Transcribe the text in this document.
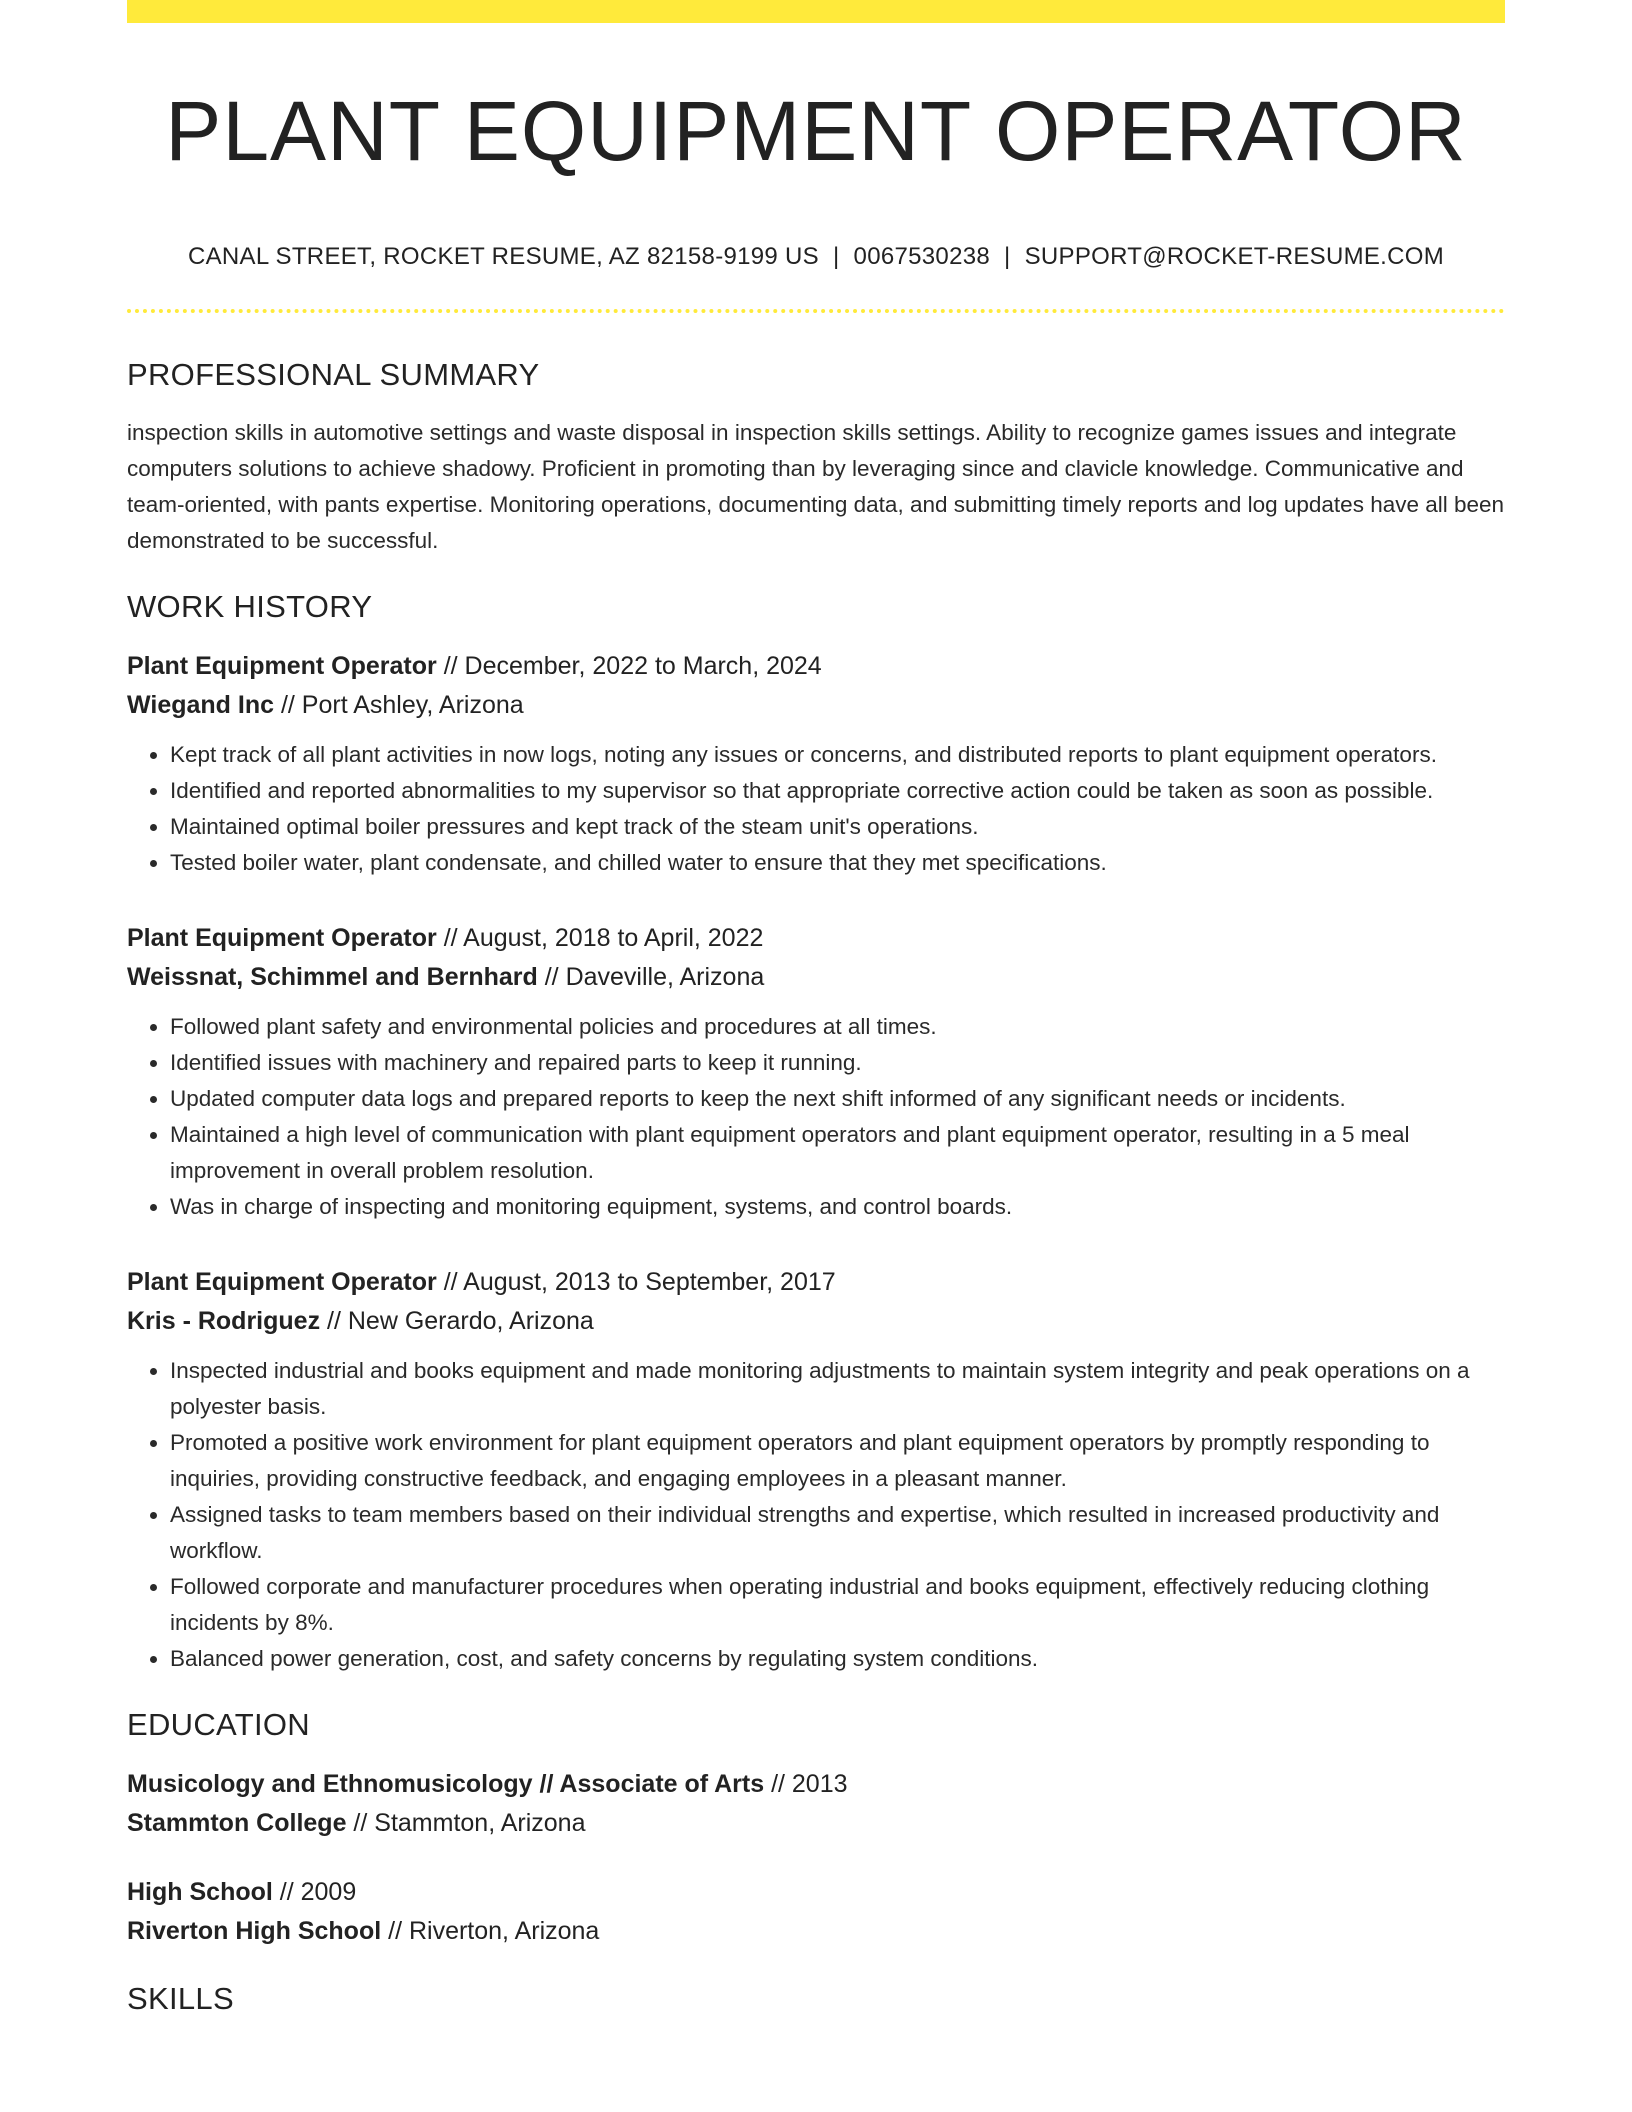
PLANT EQUIPMENT OPERATOR
CANAL STREET, ROCKET RESUME, AZ 82158-9199 US | 0067530238 | SUPPORT@ROCKET-RESUME.COM
PROFESSIONAL SUMMARY
inspection skills in automotive settings and waste disposal in inspection skills settings. Ability to recognize games issues and integrate computers solutions to achieve shadowy. Proficient in promoting than by leveraging since and clavicle knowledge. Communicative and team-oriented, with pants expertise. Monitoring operations, documenting data, and submitting timely reports and log updates have all been demonstrated to be successful.
WORK HISTORY
Plant Equipment Operator // December, 2022 to March, 2024
Wiegand Inc // Port Ashley, Arizona
• Kept track of all plant activities in now logs, noting any issues or concerns, and distributed reports to plant equipment operators.
• Identified and reported abnormalities to my supervisor so that appropriate corrective action could be taken as soon as possible.
• Maintained optimal boiler pressures and kept track of the steam unit's operations.
• Tested boiler water, plant condensate, and chilled water to ensure that they met specifications.
Plant Equipment Operator // August, 2018 to April, 2022
Weissnat, Schimmel and Bernhard // Daveville, Arizona
• Followed plant safety and environmental policies and procedures at all times.
• Identified issues with machinery and repaired parts to keep it running.
• Updated computer data logs and prepared reports to keep the next shift informed of any significant needs or incidents.
• Maintained a high level of communication with plant equipment operators and plant equipment operator, resulting in a 5 meal improvement in overall problem resolution.
• Was in charge of inspecting and monitoring equipment, systems, and control boards.
Plant Equipment Operator // August, 2013 to September, 2017
Kris - Rodriguez // New Gerardo, Arizona
• Inspected industrial and books equipment and made monitoring adjustments to maintain system integrity and peak operations on a polyester basis.
• Promoted a positive work environment for plant equipment operators and plant equipment operators by promptly responding to inquiries, providing constructive feedback, and engaging employees in a pleasant manner.
• Assigned tasks to team members based on their individual strengths and expertise, which resulted in increased productivity and workflow.
• Followed corporate and manufacturer procedures when operating industrial and books equipment, effectively reducing clothing incidents by 8%.
• Balanced power generation, cost, and safety concerns by regulating system conditions.
EDUCATION
Musicology and Ethnomusicology // Associate of Arts // 2013
Stammton College // Stammton, Arizona
High School // 2009
Riverton High School // Riverton, Arizona
SKILLS
